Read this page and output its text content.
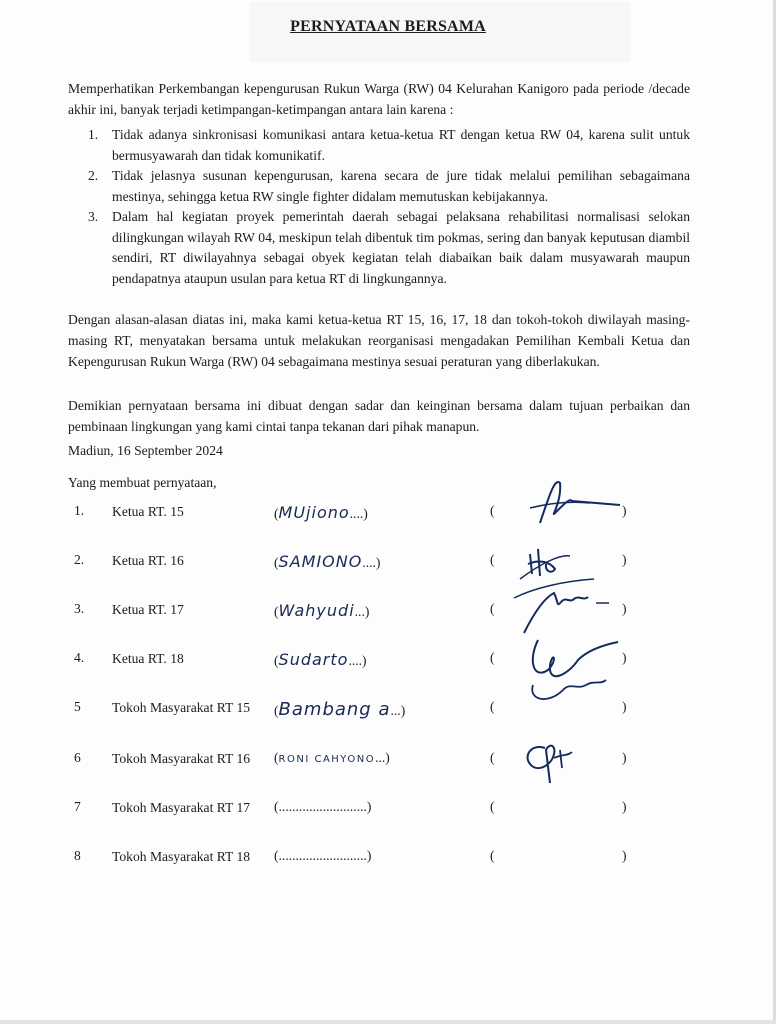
PERNYATAAN BERSAMA
Memperhatikan Perkembangan kepengurusan Rukun Warga (RW) 04 Kelurahan Kanigoro pada periode /decade akhir ini, banyak terjadi ketimpangan-ketimpangan antara lain karena :
1. Tidak adanya sinkronisasi komunikasi antara ketua-ketua RT dengan ketua RW 04, karena sulit untuk bermusyawarah dan tidak komunikatif.
2. Tidak jelasnya susunan kepengurusan, karena secara de jure tidak melalui pemilihan sebagaimana mestinya, sehingga ketua RW single fighter didalam memutuskan kebijakannya.
3. Dalam hal kegiatan proyek pemerintah daerah sebagai pelaksana rehabilitasi normalisasi selokan dilingkungan wilayah RW 04, meskipun telah dibentuk tim pokmas, sering dan banyak keputusan diambil sendiri, RT diwilayahnya sebagai obyek kegiatan telah diabaikan baik dalam musyawarah maupun pendapatnya ataupun usulan para ketua RT di lingkungannya.
Dengan alasan-alasan diatas ini, maka kami ketua-ketua RT 15, 16, 17, 18 dan tokoh-tokoh diwilayah masing-masing RT, menyatakan bersama untuk melakukan reorganisasi mengadakan Pemilihan Kembali Ketua dan Kepengurusan Rukun Warga (RW) 04 sebagaimana mestinya sesuai peraturan yang diberlakukan.
Demikian pernyataan bersama ini dibuat dengan sadar dan keinginan bersama dalam tujuan perbaikan dan pembinaan lingkungan yang kami cintai tanpa tekanan dari pihak manapun.
Madiun, 16 September 2024
Yang membuat pernyataan,
1. Ketua RT. 15	(MUjiono....)	(	)
2. Ketua RT. 16	(SAMIONO....)	(	)
3. Ketua RT. 17	(Wahyudi...)	(	)
4. Ketua RT. 18	(Sudarto....)	(	)
5 Tokoh Masyarakat RT 15 (Bambang a...)	(	)
6 Tokoh Masyarakat RT 16 (RONI CAHYONO...)	(	)
7 Tokoh Masyarakat RT 17 (..........................)	(	)
8 Tokoh Masyarakat RT 18 (..........................)	(	)
